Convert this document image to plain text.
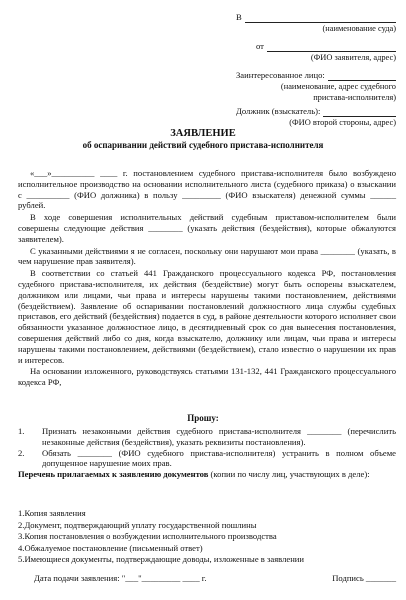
В
(наименование суда)
от
(ФИО заявителя, адрес)
Заинтересованное лицо:
(наименование, адрес судебного пристава-исполнителя)
Должник (взыскатель):
(ФИО второй стороны, адрес)
ЗАЯВЛЕНИЕ
об оспаривании действий судебного пристава-исполнителя

«___»__________ ____ г. постановлением судебного пристава-исполнителя было возбуждено исполнительное производство на основании исполнительного листа (судебного приказа) о взыскании с __________ (ФИО должника) в пользу _________ (ФИО взыскателя) денежной суммы ______ рублей.

В ходе совершения исполнительных действий судебным приставом-исполнителем были совершены следующие действия ________ (указать действия (бездействия), которые обжалуются заявителем).

С указанными действиями я не согласен, поскольку они нарушают мои права ________ (указать, в чем нарушение прав заявителя).

В соответствии со статьей 441 Гражданского процессуального кодекса РФ, постановления судебного пристава-исполнителя, их действия (бездействие) могут быть оспорены взыскателем, должником или лицами, чьи права и интересы нарушены такими постановлением, действиями (бездействием). Заявление об оспаривании постановлений должностного лица службы судебных приставов, его действий (бездействия) подается в суд, в районе деятельности которого исполняет свои обязанности указанное должностное лицо, в десятидневный срок со дня вынесения постановления, совершения действий либо со дня, когда взыскателю, должнику или лицам, чьи права и интересы нарушены такими постановлением, действиями (бездействием), стало известно о нарушении их прав и интересов.

На основании изложенного, руководствуясь статьями 131-132, 441 Гражданского процессуального кодекса РФ,

Прошу:
1.	Признать незаконными действия судебного пристава-исполнителя ________ (перечислить незаконные действия (бездействия), указать реквизиты постановления).
2.	Обязать ________ (ФИО судебного пристава-исполнителя) устранить в полном объеме допущенное нарушение моих прав.
Перечень прилагаемых к заявлению документов (копии по числу лиц, участвующих в деле):
1.Копия заявления
2.Документ, подтверждающий уплату государственной пошлины
3.Копия постановления о возбуждении исполнительного производства
4.Обжалуемое постановление (письменный ответ)
5.Имеющиеся документы, подтверждающие доводы, изложенные в заявлении
Дата подачи заявления: "___"_________ ____ г.	Подпись _______
